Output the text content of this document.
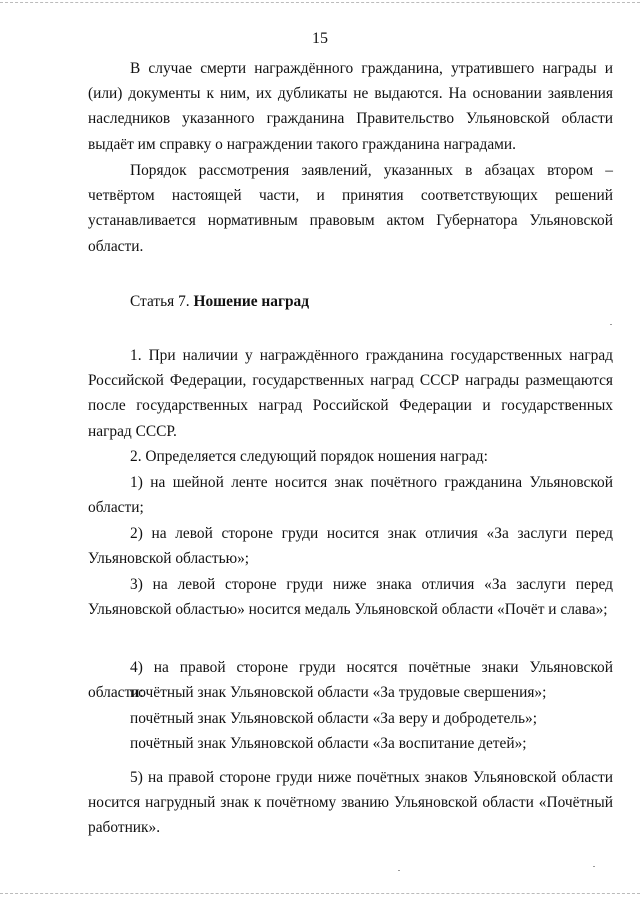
15

В случае смерти награждённого гражданина, утратившего награды и (или) документы к ним, их дубликаты не выдаются. На основании заявления наследников указанного гражданина Правительство Ульяновской области выдаёт им справку о награждении такого гражданина наградами.

Порядок рассмотрения заявлений, указанных в абзацах втором – четвёртом настоящей части, и принятия соответствующих решений устанавливается нормативным правовым актом Губернатора Ульяновской области.

Статья 7. Ношение наград

1. При наличии у награждённого гражданина государственных наград Российской Федерации, государственных наград СССР награды размещаются после государственных наград Российской Федерации и государственных наград СССР.

2. Определяется следующий порядок ношения наград:

1) на шейной ленте носится знак почётного гражданина Ульяновской области;

2) на левой стороне груди носится знак отличия «За заслуги перед Ульяновской областью»;

3) на левой стороне груди ниже знака отличия «За заслуги перед Ульяновской областью» носится медаль Ульяновской области «Почёт и слава»;

4) на правой стороне груди носятся почётные знаки Ульяновской области:

почётный знак Ульяновской области «За трудовые свершения»;

почётный знак Ульяновской области «За веру и добродетель»;

почётный знак Ульяновской области «За воспитание детей»;

5) на правой стороне груди ниже почётных знаков Ульяновской области носится нагрудный знак к почётному званию Ульяновской области «Почётный работник».
